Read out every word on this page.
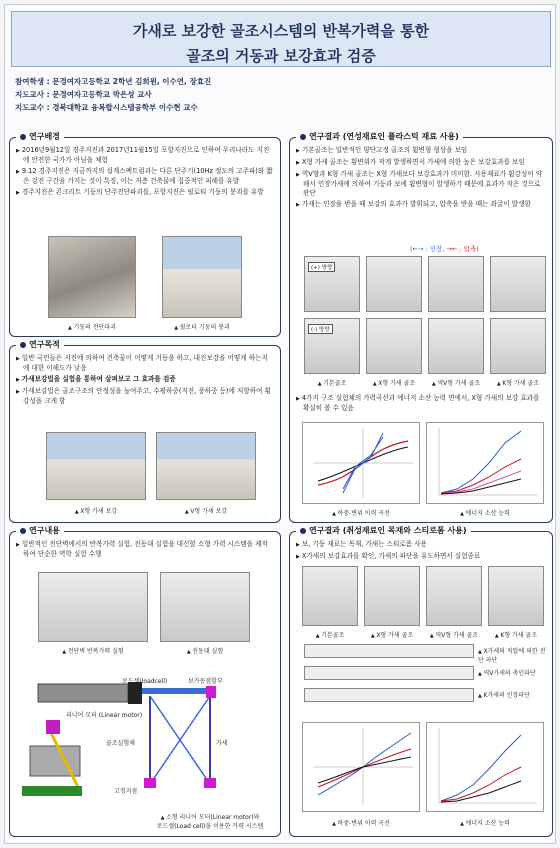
가새로 보강한 골조시스템의 반복가력을 통한
골조의 거동과 보강효과 검증
참여학생 : 문경여자고등학교 2학년 김희원, 이수연, 장효진
지도교사 : 문경여자고등학교 박은성 교사
지도교수 : 경북대학교 융복합시스템공학부 이수현 교수
연구배경
▶ 2016년9월12일 경주지진과 2017년11월15일 포항지진으로 인하여 우리나라도 지진에 안전한 국가가 아님을 체험
▶ 9.12 경주지진은 지금까지의 설계스펙트럼과는 다른 단주기(10Hz 정도의 고주파)와 짧은 강진 구간을 가지는 것이 특징, 이는 저층 건축물에 집중적인 피해를 유발
▶ 경주지진은 콘크리트 기둥의 단주전단파괴를, 포항지진은 필로티 기둥의 붕괴를 유발
▲ 기둥의 전단파괴	▲ 필로티 기둥의 붕괴
연구목적
▶ 일반 국민들은 지진에 의하여 건축물이 어떻게 거동을 하고, 내진보강을 어떻게 하는지에 대한 이해도가 낮음
▶ 가새보강법을 실험을 통하여 살펴보고 그 효과를 검증
▶ 가새보강법은 골조구조의 안정성을 높여주고, 수평하중(지진, 풍하중 등)에 저항하여 횡강성을 크게 함
▲ X형 가새 보강	▲ V형 가새 보강
연구내용
▶ 일반적인 전단벽에서의 반복가력 실험, 진동대 실험을 대신할 소형 가력 시스템을 제작하여 단순한 역학 실험 수행
▲ 전단벽 반복가력 실험	▲ 진동대 실험
로드셀(loadcell)	보가동점할부
리니어 모터 (Linear motor)
골조실험체	가새
고정지점
▲ 소형 리니어 모터(Linear motor)와
로드셀(Load cell)을 이용한 가력 시스템
연구결과 (연성재료인 플라스틱 재료 사용)
▶ 기본골조는 일반적인 양단고정 골조의 휨변형 형상을 보임
▶ X형 가새 골조는 횡변위가 작게 발생하면서 가새에 의한 높은 보강효과를 보임
▶ 역V형과 K형 가새 골조는 X형 가새보다 보강효과가 미미함. 사용재료가 휨강성이 약해서 인장가새에 의하여 기둥과 보에 휨변형이 발생하기 때문에 효과가 작은 것으로 판단
▶ 가새는 인장을 받을 때 보강의 효과가 발휘되고, 압축을 받을 때는 좌굴이 발생함
(←→ : 인장, →← : 압축)
(+) 방향
(-) 방향
▲ 기본골조	▲ X형 가새 골조	▲ 역V형 가새 골조	▲ K형 가새 골조
▶ 4가지 구조 실험체의 가력곡선과 에너지 소산 능력 면에서, X형 가새의 보강 효과를 확실히 볼 수 있음
▲ 하중-변위 이력 곡선	▲ 에너지 소산 능력
연구결과 (취성재료인 목재와 스티로폼 사용)
▶ 보, 기둥 재료는 목재, 가새는 스티로폼 사용
▶ X가새의 보강효과를 확인, 가새의 파단을 유도하면서 실험종료
▲ 기본골조	▲ X형 가새 골조	▲ 역V형 가새 골조	▲ K형 가새 골조
▲ X가새의 직압에 의한 전단 파단
▲ 역V가새의 축인파단
▲ K가새의 인장파단
▲ 하중-변위 이력 곡선	▲ 에너지 소산 능력
